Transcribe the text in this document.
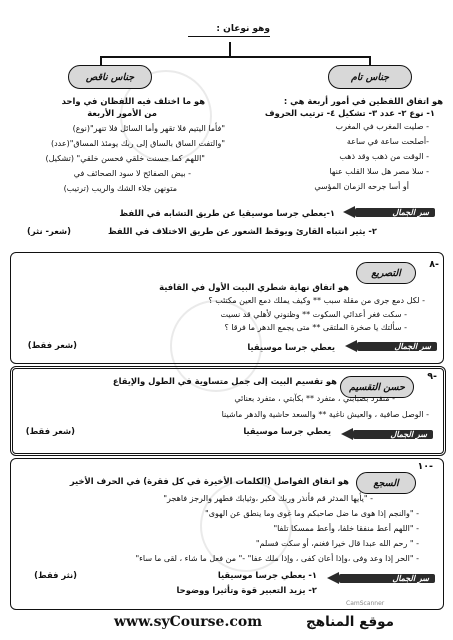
وهو نوعان :
جناس تام
جناس ناقص
هو اتفاق اللفظين في أمور أربعة هي :
١- نوع ٢- عدد ٣- تشكيل ٤- ترتيب الحروف
هو ما اختلف فيه اللفظان في واحد
من الأمور الأربعة
- صليت المغرب في المغرب
-أصلحت ساعة في ساعة
- الوقت من ذهب وقد ذهب
- سلا مصر هل سلا القلب عنها
أو أسا جرحه الزمان المؤسي
"فأما اليتيم فلا تقهر وأما السائل فلا تنهر"(نوع)
"والتفت الساق بالساق إلى ربك يومئذ المساق"(عدد)
"اللهم كما حسنت خلقي فحسن خلقي" (تشكيل)
- بيض الصفائح لا سود الصحائف في
متونهن جلاء الشك والريب (ترتيب)
سر الجمال
١-يعطي جرسا موسيقيا عن طريق التشابه في اللفظ
٢- يثير انتباه القارئ ويوقظ الشعور عن طريق الاختلاف في اللفظ
(شعر- نثر)
-٨
التصريع
هو اتفاق نهاية شطري البيت الأول في القافية
- لكل دمع جرى من مقلة سبب ** وكيف يملك دمع العين مكتئب ؟
- سكت فغر أعدائي السكوت ** وظنوني لأهلي قد نسيت
- سألتك يا صخرة الملتقى ** متى يجمع الدهر ما فرقا ؟
سر الجمال
يعطي جرسا موسيقيا
(شعر فقط)
-٩
حسن التقسيم
هو تقسيم البيت إلى جمل متساوية في الطول والإيقاع
- متفرد بصبابتي ، متفرد ** بكآبتي ، متفرد بعنائي
- الوصل صافية ، والعيش ناغية ** والسعد حاشية والدهر ماشينا
سر الجمال
يعطي جرسا موسيقيا
(شعر فقط)
-١٠
السجع
هو اتفاق الفواصل (الكلمات الأخيرة في كل فقرة) في الحرف الأخير
- "يأيها المدثر قم فأنذر وربك فكبر ،وثيابك فطهر والرجز فاهجر"
- "والنجم إذا هوى ما ضل صاحبكم وما غوى وما ينطق عن الهوى"
- "اللهم أعط منفقا خلفا، وأعط ممسكا تلفا"
- " رحم الله عبدا قال خيرا فغنم، أو سكت فسلم"
- "الحر إذا وعد وفى ،وإذا أعان كفى ، وإذا ملك عفا" -" من فعل ما شاء ، لقى ما ساء"
سر الجمال
١- يعطي جرسا موسيقيا
٢- يزيد التعبير قوة وتأثيرا ووضوحا
(نثر فقط)
www.syCourse.com	موقع المناهج
CamScanner
